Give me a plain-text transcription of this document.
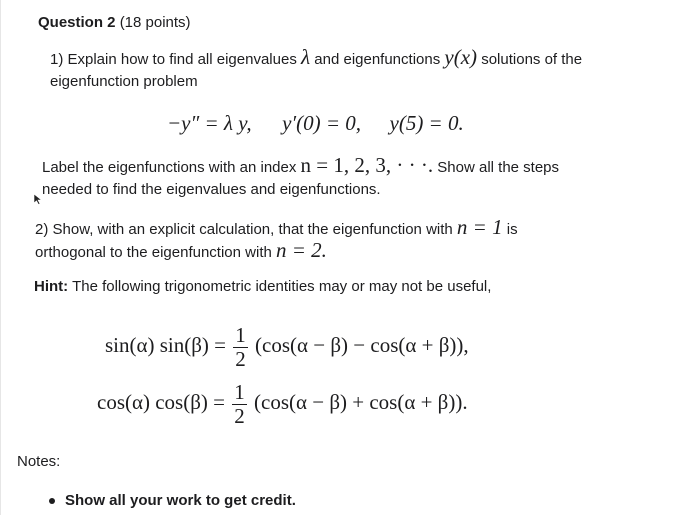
Question 2 (18 points)
1) Explain how to find all eigenvalues λ and eigenfunctions y(x) solutions of the
eigenfunction problem
−y″ = λ y, y′(0) = 0, y(5) = 0.
Label the eigenfunctions with an index n = 1, 2, 3, · · ·. Show all the steps
needed to find the eigenvalues and eigenfunctions.
2) Show, with an explicit calculation, that the eigenfunction with n = 1 is
orthogonal to the eigenfunction with n = 2.
Hint: The following trigonometric identities may or may not be useful,
sin(α) $\sin(\beta) = \frac{1}{2} (\cos(\alpha - \beta) - \cos(\alpha + \beta))$,
cos(α) $\cos(\beta) = \frac{1}{2} (\cos(\alpha - \beta) + \cos(\alpha + \beta))$.
Notes:
Show all your work to get credit.
